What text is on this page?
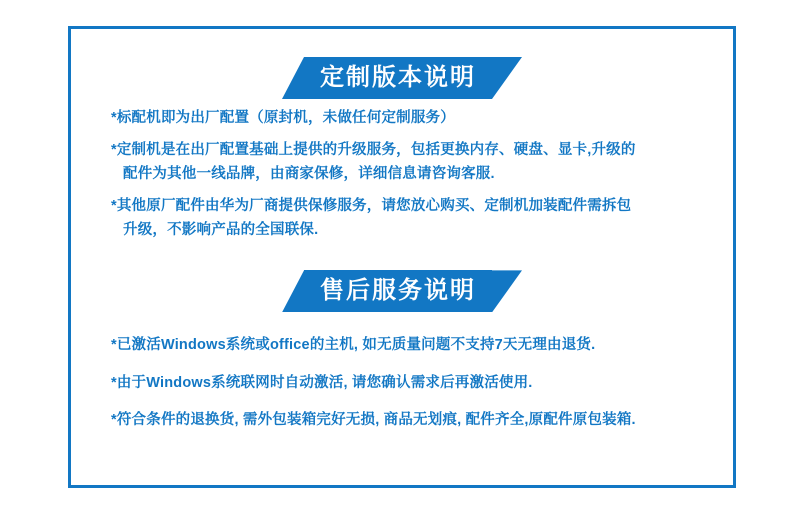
定制版本说明

*标配机即为出厂配置（原封机，未做任何定制服务）

*定制机是在出厂配置基础上提供的升级服务，包括更换内存、硬盘、显卡,升级的
配件为其他一线品牌，由商家保修，详细信息请咨询客服.

*其他原厂配件由华为厂商提供保修服务，请您放心购买、定制机加装配件需拆包
升级，不影响产品的全国联保.

售后服务说明

*已激活Windows系统或office的主机, 如无质量问题不支持7天无理由退货.

*由于Windows系统联网时自动激活, 请您确认需求后再激活使用.

*符合条件的退换货, 需外包装箱完好无损, 商品无划痕, 配件齐全,原配件原包装箱.
